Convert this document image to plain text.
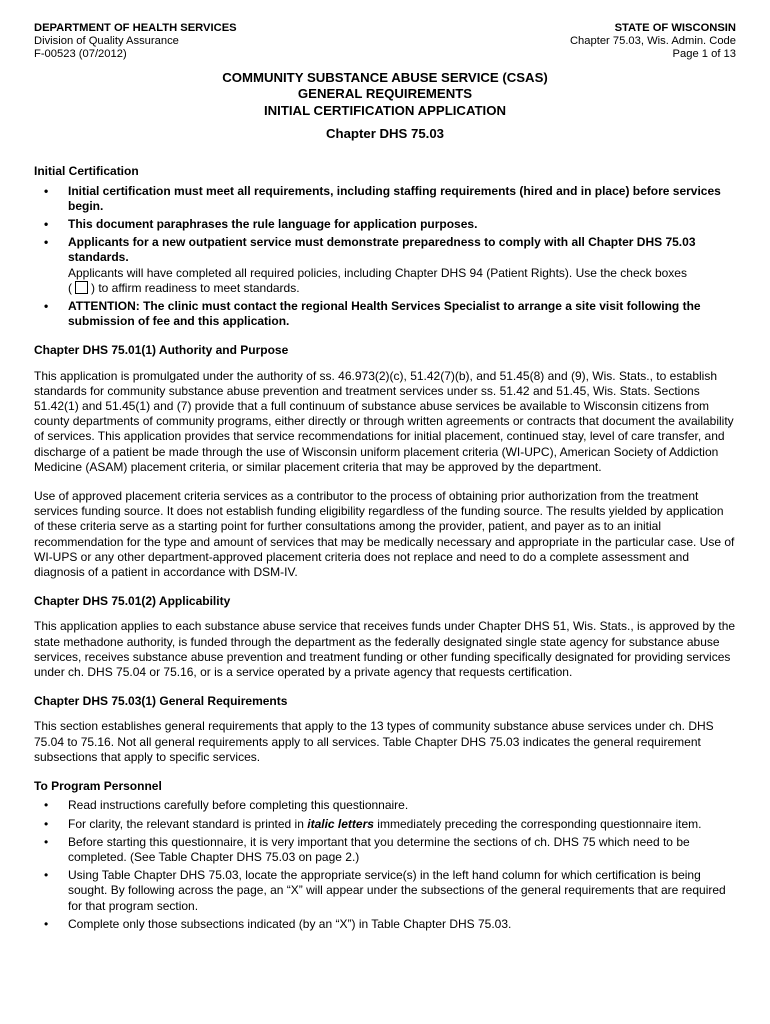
DEPARTMENT OF HEALTH SERVICES
Division of Quality Assurance
F-00523 (07/2012)
STATE OF WISCONSIN
Chapter 75.03, Wis. Admin. Code
Page 1 of 13
COMMUNITY SUBSTANCE ABUSE SERVICE (CSAS)
GENERAL REQUIREMENTS
INITIAL CERTIFICATION APPLICATION
Chapter DHS 75.03
Initial Certification
• Initial certification must meet all requirements, including staffing requirements (hired and in place) before services begin.
• This document paraphrases the rule language for application purposes.
• Applicants for a new outpatient service must demonstrate preparedness to comply with all Chapter DHS 75.03 standards.
Applicants will have completed all required policies, including Chapter DHS 94 (Patient Rights). Use the check boxes
( ) to affirm readiness to meet standards.
• ATTENTION: The clinic must contact the regional Health Services Specialist to arrange a site visit following the submission of fee and this application.
Chapter DHS 75.01(1) Authority and Purpose

This application is promulgated under the authority of ss. 46.973(2)(c), 51.42(7)(b), and 51.45(8) and (9), Wis. Stats., to establish standards for community substance abuse prevention and treatment services under ss. 51.42 and 51.45, Wis. Stats. Sections 51.42(1) and 51.45(1) and (7) provide that a full continuum of substance abuse services be available to Wisconsin citizens from county departments of community programs, either directly or through written agreements or contracts that document the availability of services. This application provides that service recommendations for initial placement, continued stay, level of care transfer, and discharge of a patient be made through the use of Wisconsin uniform placement criteria (WI-UPC), American Society of Addiction Medicine (ASAM) placement criteria, or similar placement criteria that may be approved by the department.

Use of approved placement criteria services as a contributor to the process of obtaining prior authorization from the treatment services funding source. It does not establish funding eligibility regardless of the funding source. The results yielded by application of these criteria serve as a starting point for further consultations among the provider, patient, and payer as to an initial recommendation for the type and amount of services that may be medically necessary and appropriate in the particular case. Use of WI-UPS or any other department-approved placement criteria does not replace and need to do a complete assessment and diagnosis of a patient in accordance with DSM-IV.

Chapter DHS 75.01(2) Applicability

This application applies to each substance abuse service that receives funds under Chapter DHS 51, Wis. Stats., is approved by the state methadone authority, is funded through the department as the federally designated single state agency for substance abuse services, receives substance abuse prevention and treatment funding or other funding specifically designated for providing services under ch. DHS 75.04 or 75.16, or is a service operated by a private agency that requests certification.

Chapter DHS 75.03(1) General Requirements

This section establishes general requirements that apply to the 13 types of community substance abuse services under ch. DHS 75.04 to 75.16. Not all general requirements apply to all services. Table Chapter DHS 75.03 indicates the general requirement subsections that apply to specific services.

To Program Personnel
• Read instructions carefully before completing this questionnaire.
• For clarity, the relevant standard is printed in italic letters immediately preceding the corresponding questionnaire item.
• Before starting this questionnaire, it is very important that you determine the sections of ch. DHS 75 which need to be completed. (See Table Chapter DHS 75.03 on page 2.)
• Using Table Chapter DHS 75.03, locate the appropriate service(s) in the left hand column for which certification is being sought. By following across the page, an “X” will appear under the subsections of the general requirements that are required for that program section.
• Complete only those subsections indicated (by an “X”) in Table Chapter DHS 75.03.
